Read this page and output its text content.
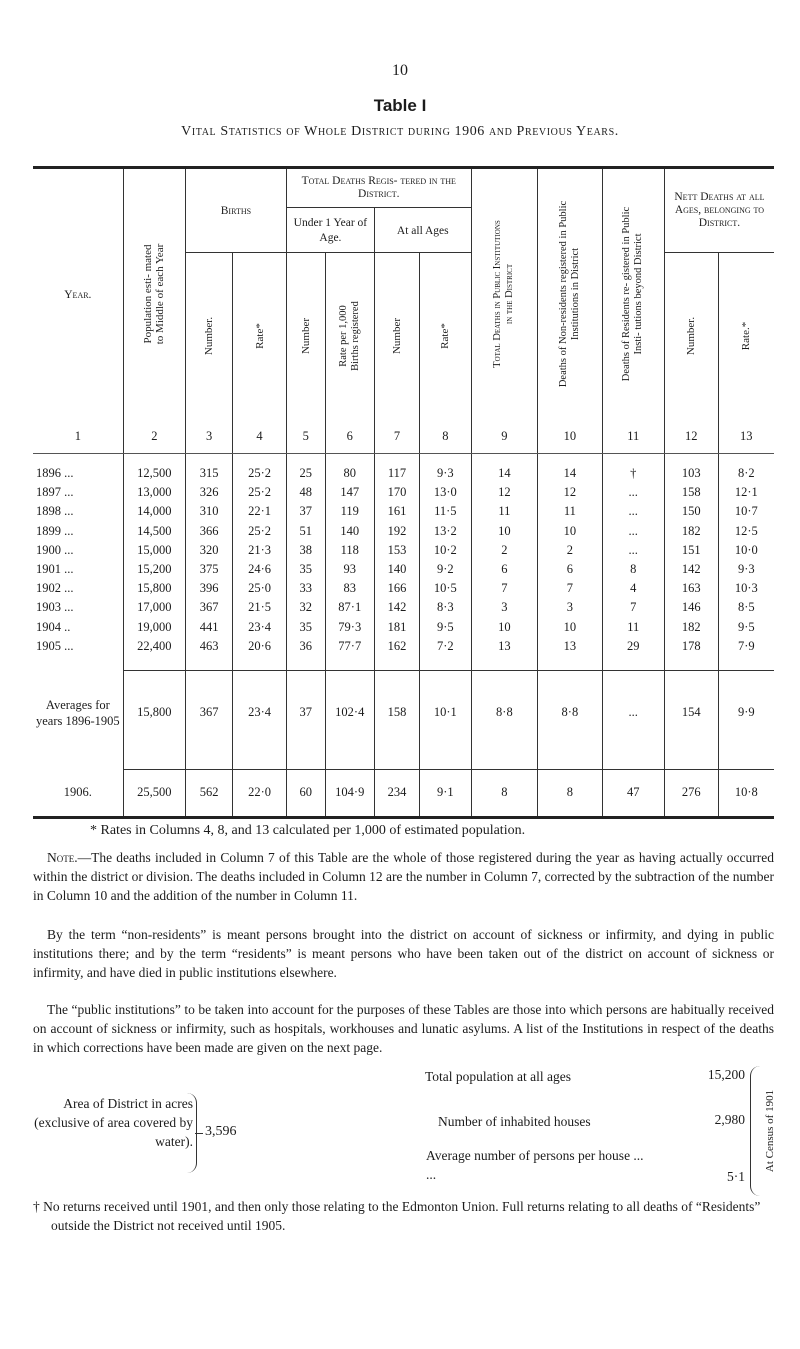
10
Table I
Vital Statistics of Whole District during 1906 and Previous Years.
Year.	Population esti- mated to Middle of each Year	Births		Total Deaths Regis- tered in the District.				Total Deaths in Public Institutions in the District	Deaths of Non-residents registered in Public Institutions in District	Deaths of Residents re- gistered in Public Insti- tutions beyond District	Nett Deaths at all Ages, belonging to District.	

				Under 1 Year of Age.		At all Ages						

		Number.	Rate*	Number	Rate per 1,000 Births registered	Number	Rate*				Number.	Rate.*

1	2	3	4	5	6	7	8	9	10	11	12	13

1896 ...	12,500	315	25·2	25	80	117	9·3	14	14	†	103	8·2
1897 ...	13,000	326	25·2	48	147	170	13·0	12	12	...	158	12·1
1898 ...	14,000	310	22·1	37	119	161	11·5	11	11	...	150	10·7
1899 ...	14,500	366	25·2	51	140	192	13·2	10	10	...	182	12·5
1900 ...	15,000	320	21·3	38	118	153	10·2	2	2	...	151	10·0
1901 ...	15,200	375	24·6	35	93	140	9·2	6	6	8	142	9·3
1902 ...	15,800	396	25·0	33	83	166	10·5	7	7	4	163	10·3
1903 ...	17,000	367	21·5	32	87·1	142	8·3	3	3	7	146	8·5
1904 ..	19,000	441	23·4	35	79·3	181	9·5	10	10	11	182	9·5
1905 ...	22,400	463	20·6	36	77·7	162	7·2	13	13	29	178	7·9

Averages for years 1896-1905	15,800	367	23·4	37	102·4	158	10·1	8·8	8·8	...	154	9·9

1906.	25,500	562	22·0	60	104·9	234	9·1	8	8	47	276	10·8
* Rates in Columns 4, 8, and 13 calculated per 1,000 of estimated population.

Note.—The deaths included in Column 7 of this Table are the whole of those registered during the year as having actually occurred within the district or division. The deaths included in Column 12 are the number in Column 7, corrected by the subtraction of the number in Column 10 and the addition of the number in Column 11.

By the term “non-residents” is meant persons brought into the district on account of sickness or infirmity, and dying in public institutions there; and by the term “residents” is meant persons who have been taken out of the district on account of sickness or infirmity, and have died in public institutions elsewhere.

The “public institutions” to be taken into account for the purposes of these Tables are those into which persons are habitually received on account of sickness or infirmity, such as hospitals, workhouses and lunatic asylums. A list of the Institutions in respect of the deaths in which corrections have been made are given on the next page.

Area of District in acres (exclusive of area covered by water).
3,596
Total population at all ages	15,200
Number of inhabited houses	2,980
Average number of persons per house ... ...	5·1
At Census of 1901

† No returns received until 1901, and then only those relating to the Edmonton Union. Full returns relating to all deaths of “Residents” outside the District not received until 1905.
